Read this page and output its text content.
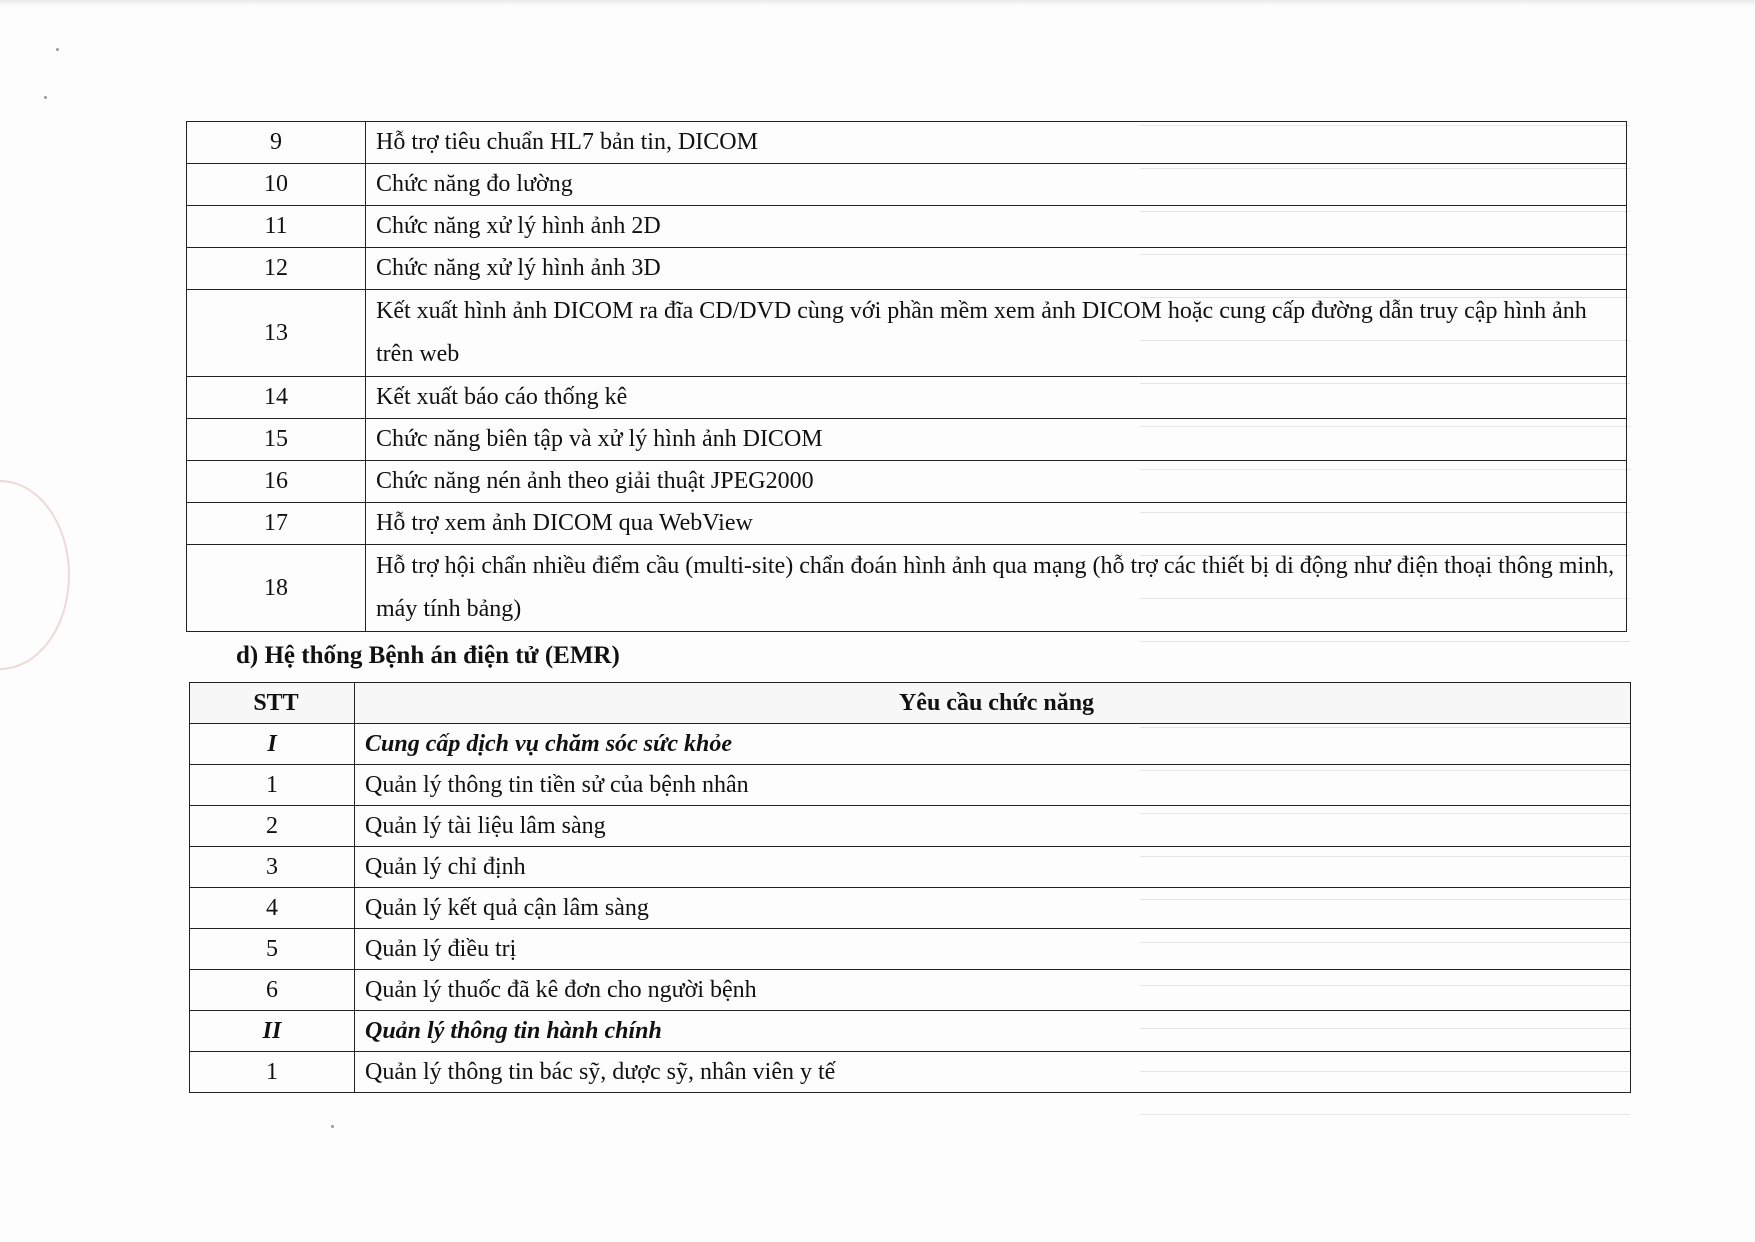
9	Hỗ trợ tiêu chuẩn HL7 bản tin, DICOM
10	Chức năng đo lường
11	Chức năng xử lý hình ảnh 2D
12	Chức năng xử lý hình ảnh 3D
13	Kết xuất hình ảnh DICOM ra đĩa CD/DVD cùng với phần mềm xem ảnh DICOM hoặc cung cấp đường dẫn truy cập hình ảnh trên web
14	Kết xuất báo cáo thống kê
15	Chức năng biên tập và xử lý hình ảnh DICOM
16	Chức năng nén ảnh theo giải thuật JPEG2000
17	Hỗ trợ xem ảnh DICOM qua WebView
18	Hỗ trợ hội chẩn nhiều điểm cầu (multi-site) chẩn đoán hình ảnh qua mạng (hỗ trợ các thiết bị di động như điện thoại thông minh, máy tính bảng)
d) Hệ thống Bệnh án điện tử (EMR)
STT	Yêu cầu chức năng
I	Cung cấp dịch vụ chăm sóc sức khỏe
1	Quản lý thông tin tiền sử của bệnh nhân
2	Quản lý tài liệu lâm sàng
3	Quản lý chỉ định
4	Quản lý kết quả cận lâm sàng
5	Quản lý điều trị
6	Quản lý thuốc đã kê đơn cho người bệnh
II	Quản lý thông tin hành chính
1	Quản lý thông tin bác sỹ, dược sỹ, nhân viên y tế
